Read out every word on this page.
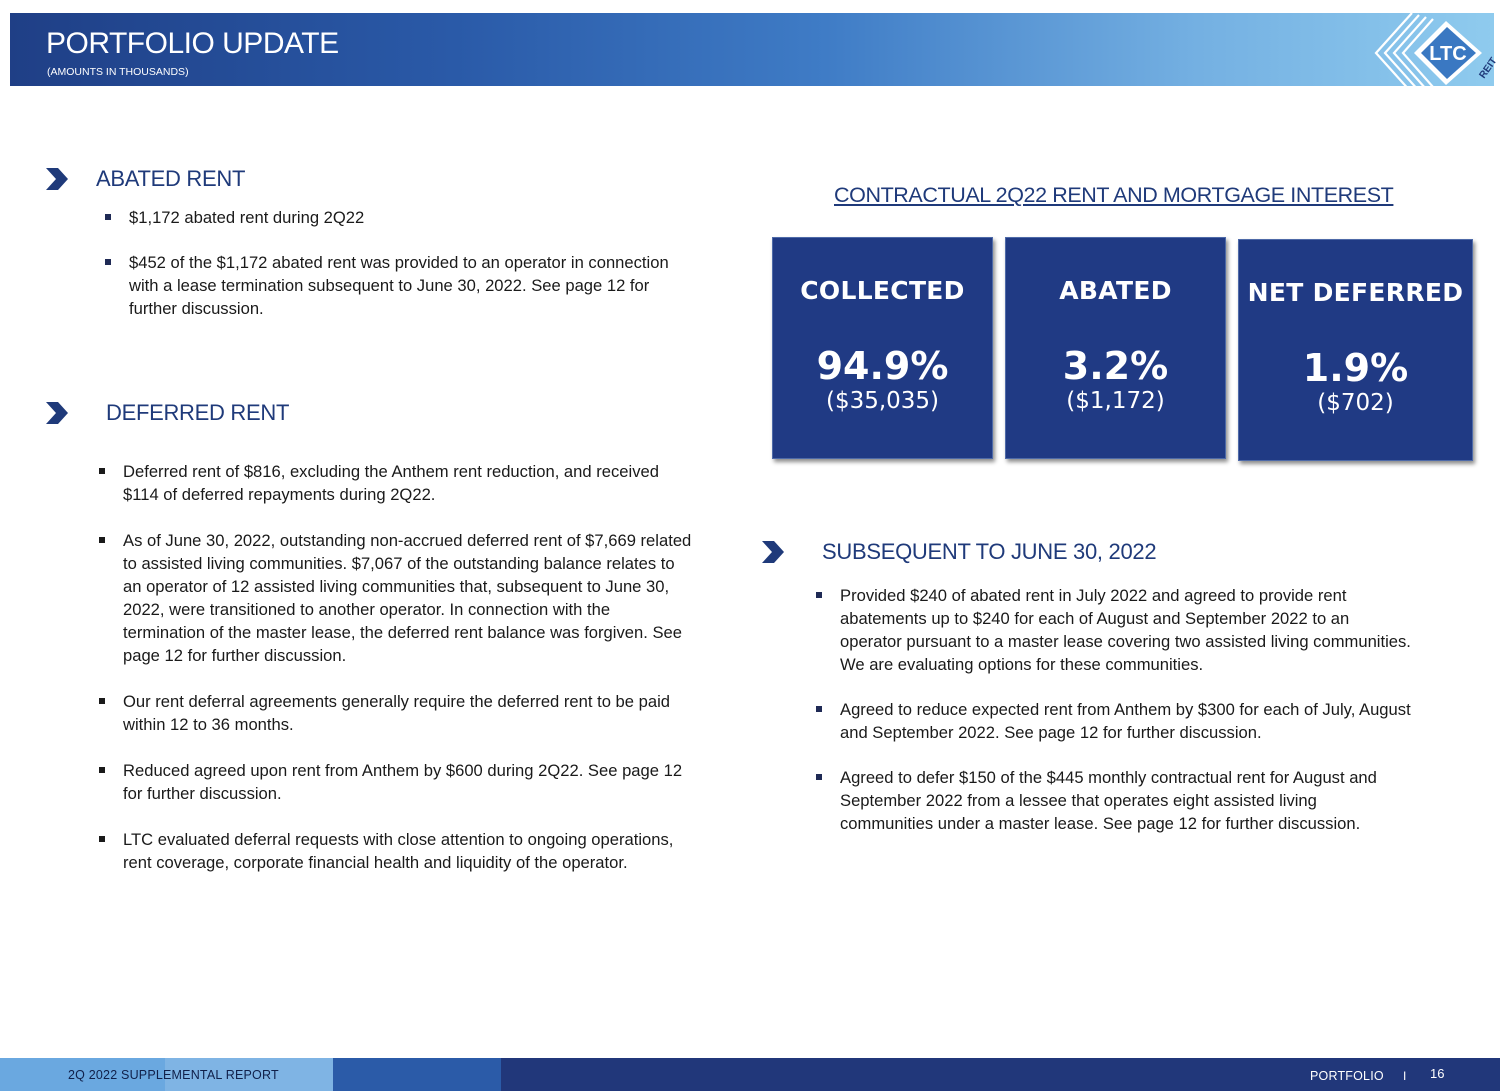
PORTFOLIO UPDATE
(AMOUNTS IN THOUSANDS)
LTC
REIT
ABATED RENT
$1,172 abated rent during 2Q22
$452 of the $1,172 abated rent was provided to an operator in connection with a lease termination subsequent to June 30, 2022. See page 12 for further discussion.
DEFERRED RENT
Deferred rent of $816, excluding the Anthem rent reduction, and received $114 of deferred repayments during 2Q22.
As of June 30, 2022, outstanding non-accrued deferred rent of $7,669 related to assisted living communities. $7,067 of the outstanding balance relates to an operator of 12 assisted living communities that, subsequent to June 30, 2022, were transitioned to another operator. In connection with the termination of the master lease, the deferred rent balance was forgiven. See page 12 for further discussion.
Our rent deferral agreements generally require the deferred rent to be paid within 12 to 36 months.
Reduced agreed upon rent from Anthem by $600 during 2Q22. See page 12 for further discussion.
LTC evaluated deferral requests with close attention to ongoing operations, rent coverage, corporate financial health and liquidity of the operator.
CONTRACTUAL 2Q22 RENT AND MORTGAGE INTEREST
COLLECTED
94.9%
($35,035)
ABATED
3.2%
($1,172)
NET DEFERRED
1.9%
($702)
SUBSEQUENT TO JUNE 30, 2022
Provided $240 of abated rent in July 2022 and agreed to provide rent abatements up to $240 for each of August and September 2022 to an operator pursuant to a master lease covering two assisted living communities. We are evaluating options for these communities.
Agreed to reduce expected rent from Anthem by $300 for each of July, August and September 2022. See page 12 for further discussion.
Agreed to defer $150 of the $445 monthly contractual rent for August and September 2022 from a lessee that operates eight assisted living communities under a master lease. See page 12 for further discussion.
2Q 2022 SUPPLEMENTAL REPORT	PORTFOLIO I 16
